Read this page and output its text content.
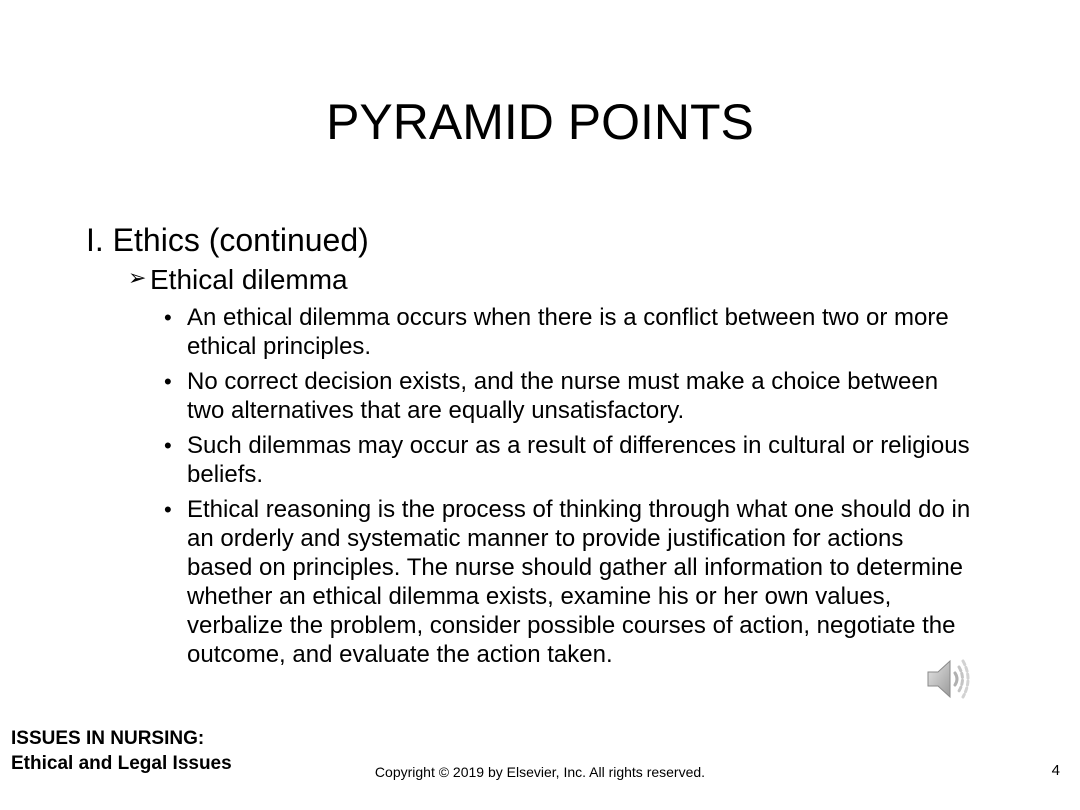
PYRAMID POINTS
I. Ethics (continued)
➢ Ethical dilemma
• An ethical dilemma occurs when there is a conflict between two or more ethical principles.
• No correct decision exists, and the nurse must make a choice between two alternatives that are equally unsatisfactory.
• Such dilemmas may occur as a result of differences in cultural or religious beliefs.
• Ethical reasoning is the process of thinking through what one should do in an orderly and systematic manner to provide justification for actions based on principles. The nurse should gather all information to determine whether an ethical dilemma exists, examine his or her own values, verbalize the problem, consider possible courses of action, negotiate the outcome, and evaluate the action taken.
ISSUES IN NURSING:
Ethical and Legal Issues	Copyright © 2019 by Elsevier, Inc. All rights reserved.	4
